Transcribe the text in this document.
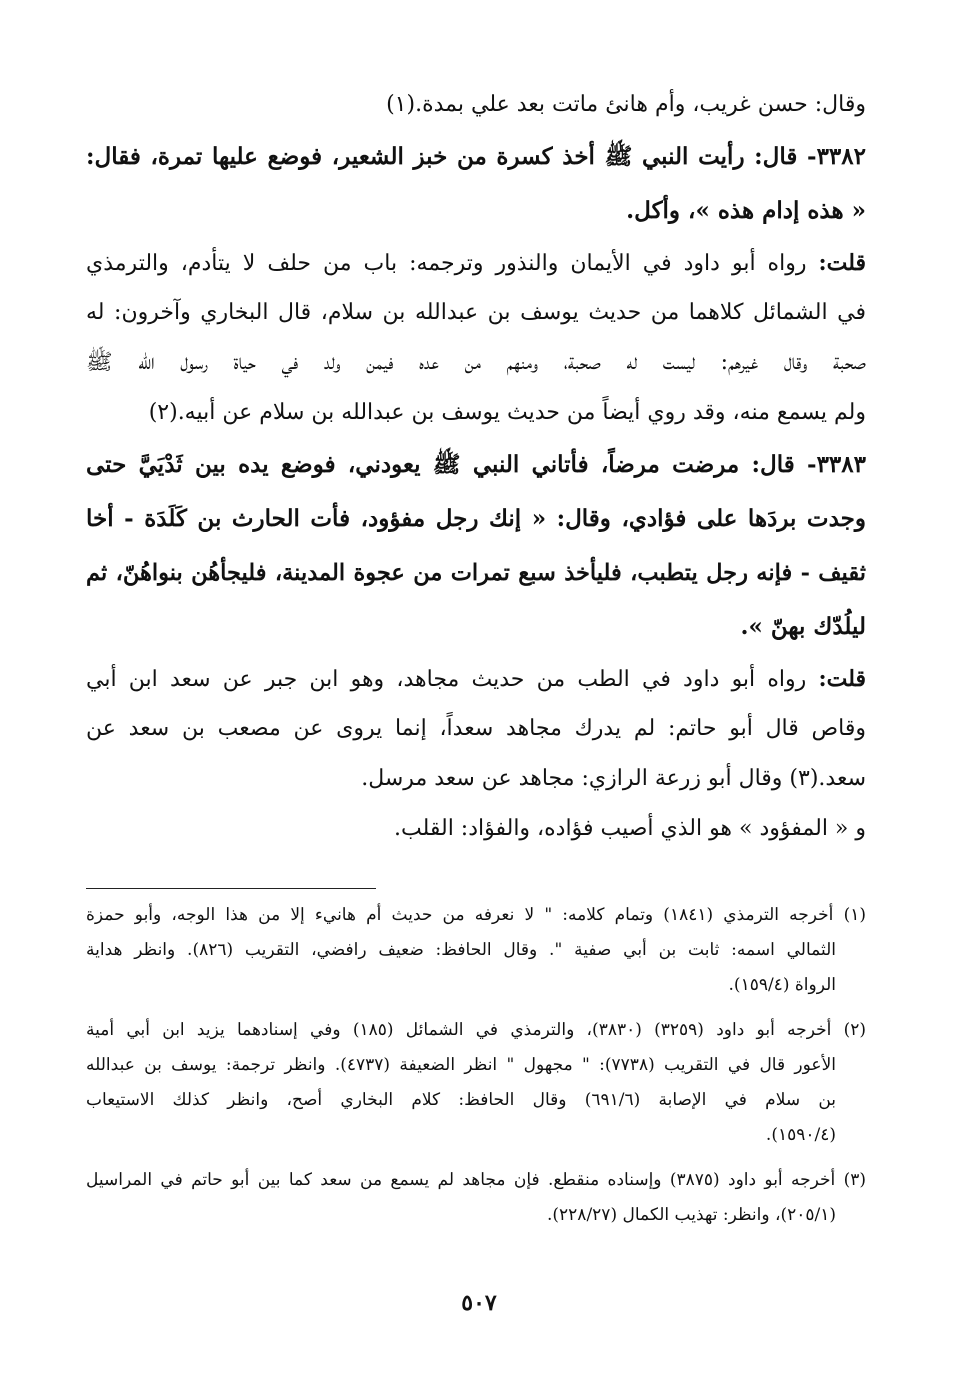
وقال: حسن غريب، وأم هانئ ماتت بعد علي بمدة.(١)
٣٣٨٢- قال: رأيت النبي ﷺ أخذ كسرة من خبز الشعير، فوضع عليها تمرة، فقال:
« هذه إدام هذه »، وأكل.
قلت: رواه أبو داود في الأيمان والنذور وترجمه: باب من حلف لا يتأدم، والترمذي
في الشمائل كلاهما من حديث يوسف بن عبدالله بن سلام، قال البخاري وآخرون: له
صحبة وقال غيرهم: ليست له صحبة، ومنهم من عده فيمن ولد في حياة رسول الله ﷺ
ولم يسمع منه، وقد روي أيضاً من حديث يوسف بن عبدالله بن سلام عن أبيه.(٢)
٣٣٨٣- قال: مرضت مرضاً، فأتاني النبي ﷺ يعودني، فوضع يده بين ثَدْيَيَّ حتى
وجدت بردَها على فؤادي، وقال: « إنك رجل مفؤود، فأت الحارث بن كَلَدَة - أخا
ثقيف - فإنه رجل يتطبب، فليأخذ سبع تمرات من عجوة المدينة، فليجأهُن بنواهُنّ، ثم
ليلُدّك بهنّ ».
قلت: رواه أبو داود في الطب من حديث مجاهد، وهو ابن جبر عن سعد ابن أبي
وقاص قال أبو حاتم: لم يدرك مجاهد سعداً، إنما يروى عن مصعب بن سعد عن
سعد.(٣) وقال أبو زرعة الرازي: مجاهد عن سعد مرسل.
و « المفؤود » هو الذي أصيب فؤاده، والفؤاد: القلب.
(١) أخرجه الترمذي (١٨٤١) وتمام كلامه: " لا نعرفه من حديث أم هانيء إلا من هذا الوجه، وأبو حمزة
الثمالي اسمه: ثابت بن أبي صفية ". وقال الحافظ: ضعيف رافضي، التقريب (٨٢٦). وانظر هداية
الرواة (١٥٩/٤).
(٢) أخرجه أبو داود (٣٢٥٩) (٣٨٣٠)، والترمذي في الشمائل (١٨٥) وفي إسنادهما يزيد ابن أبي أمية
الأعور قال في التقريب (٧٧٣٨): " مجهول " انظر الضعيفة (٤٧٣٧). وانظر ترجمة: يوسف بن عبدالله
بن سلام في الإصابة (٦٩١/٦) وقال الحافظ: كلام البخاري أصح، وانظر كذلك الاستيعاب
(١٥٩٠/٤).
(٣) أخرجه أبو داود (٣٨٧٥) وإسناده منقطع. فإن مجاهد لم يسمع من سعد كما بين أبو حاتم في المراسيل
(٢٠٥/١)، وانظر: تهذيب الكمال (٢٢٨/٢٧).
٥٠٧
